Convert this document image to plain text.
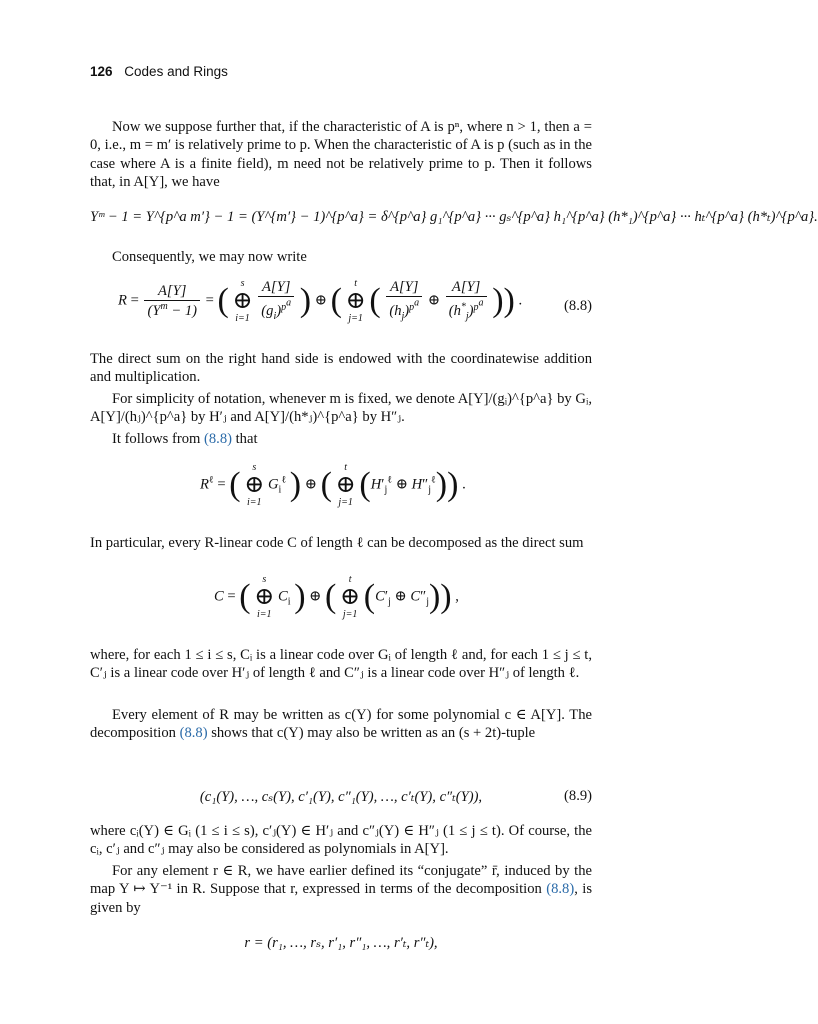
126 Codes and Rings
Now we suppose further that, if the characteristic of A is pⁿ, where n > 1, then a = 0, i.e., m = m′ is relatively prime to p. When the characteristic of A is p (such as in the case where A is a finite field), m need not be relatively prime to p. Then it follows that, in A[Y], we have
Yᵐ − 1 = Y^{p^a m′} − 1 = (Y^{m′} − 1)^{p^a} = δ^{p^a} g₁^{p^a} ··· gₛ^{p^a} h₁^{p^a} (h*₁)^{p^a} ··· hₜ^{p^a} (h*ₜ)^{p^a}.
Consequently, we may now write
$R = \frac{A[Y]}{(Y^m - 1)}$ = (	s
⊕
i=1
$\frac{A[Y]}{(g_i)^{p^a}}$ ) ⊕ (	t
⊕
j=1 ( $\frac{A[Y]}{(h_j)^{p^a}}$ ⊕ $\frac{A[Y]}{(h^*_j)^{p^a}}$ )) .	(8.8)
The direct sum on the right hand side is endowed with the coordinatewise addition and multiplication.
For simplicity of notation, whenever m is fixed, we denote A[Y]/(gᵢ)^{p^a} by Gᵢ, A[Y]/(hⱼ)^{p^a} by H′ⱼ and A[Y]/(h*ⱼ)^{p^a} by H″ⱼ.
It follows from (8.8) that
$R^\ell$ = (	s
⊕
i=1
$G_i^\ell$ ) ⊕ (	t
⊕
j=1 ($H'_j^\ell$ ⊕ $H''_j^\ell$)) .
In particular, every R-linear code C of length ℓ can be decomposed as the direct sum
C = (	s
⊕
i=1
$C_i$ ) ⊕ (	t
⊕
j=1 ($C'_j$ ⊕ $C''_j$)) ,
where, for each 1 ≤ i ≤ s, Cᵢ is a linear code over Gᵢ of length ℓ and, for each 1 ≤ j ≤ t, C′ⱼ is a linear code over H′ⱼ of length ℓ and C″ⱼ is a linear code over H″ⱼ of length ℓ.
Every element of R may be written as c(Y) for some polynomial c ∈ A[Y]. The decomposition (8.8) shows that c(Y) may also be written as an (s + 2t)-tuple
(c₁(Y), …, cₛ(Y), c′₁(Y), c″₁(Y), …, c′ₜ(Y), c″ₜ(Y)),	(8.9)
where cᵢ(Y) ∈ Gᵢ (1 ≤ i ≤ s), c′ⱼ(Y) ∈ H′ⱼ and c″ⱼ(Y) ∈ H″ⱼ (1 ≤ j ≤ t). Of course, the cᵢ, c′ⱼ and c″ⱼ may also be considered as polynomials in A[Y].
For any element r ∈ R, we have earlier defined its “conjugate” r̄, induced by the map Y ↦ Y⁻¹ in R. Suppose that r, expressed in terms of the decomposition (8.8), is given by
r = (r₁, …, rₛ, r′₁, r″₁, …, r′ₜ, r″ₜ),
